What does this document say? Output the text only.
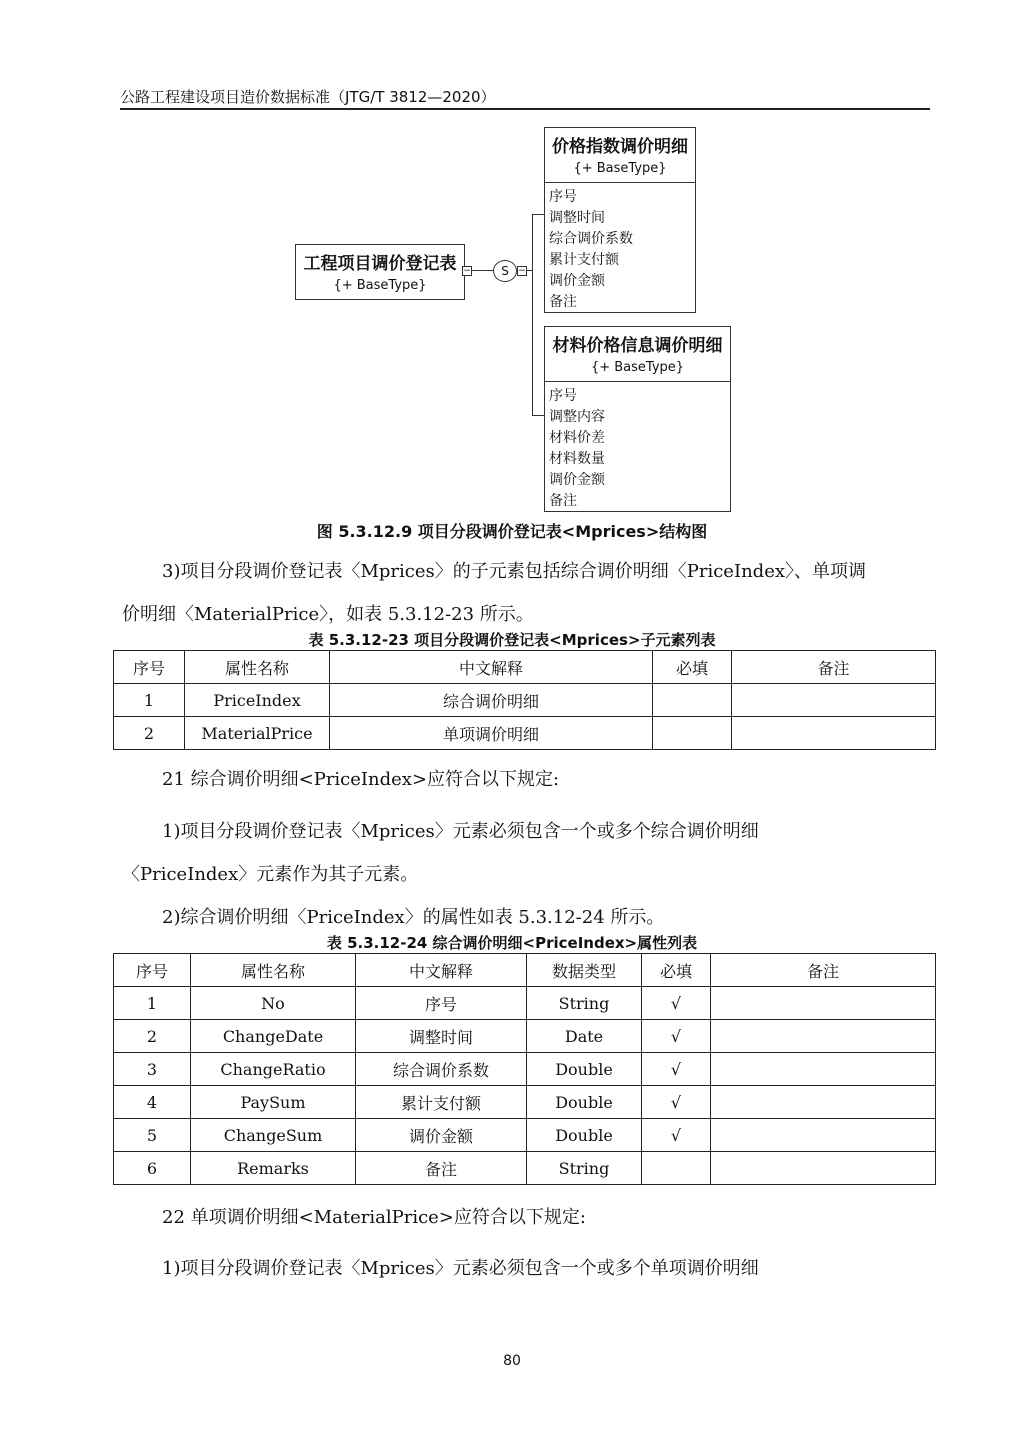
公路工程建设项目造价数据标准（JTG/T 3812—2020）
工程项目调价登记表
{+ BaseType}
−	S	−
价格指数调价明细
{+ BaseType}
序号
调整时间
综合调价系数
累计支付额
调价金额
备注
材料价格信息调价明细
{+ BaseType}
序号
调整内容
材料价差
材料数量
调价金额
备注
图 5.3.12.9 项目分段调价登记表<Mprices>结构图
3)项目分段调价登记表〈Mprices〉的子元素包括综合调价明细〈PriceIndex〉、单项调
价明细〈MaterialPrice〉，如表 5.3.12-23 所示。
表 5.3.12-23 项目分段调价登记表<Mprices>子元素列表
序号	属性名称	中文解释	必填	备注
1	PriceIndex	综合调价明细		
2	MaterialPrice	单项调价明细		
21 综合调价明细<PriceIndex>应符合以下规定:
1)项目分段调价登记表〈Mprices〉元素必须包含一个或多个综合调价明细
〈PriceIndex〉元素作为其子元素。
2)综合调价明细〈PriceIndex〉的属性如表 5.3.12-24 所示。
表 5.3.12-24 综合调价明细<PriceIndex>属性列表
序号	属性名称	中文解释	数据类型	必填	备注
1	No	序号	String	√	
2	ChangeDate	调整时间	Date	√	
3	ChangeRatio	综合调价系数	Double	√	
4	PaySum	累计支付额	Double	√	
5	ChangeSum	调价金额	Double	√	
6	Remarks	备注	String		
22 单项调价明细<MaterialPrice>应符合以下规定:
1)项目分段调价登记表〈Mprices〉元素必须包含一个或多个单项调价明细
80
